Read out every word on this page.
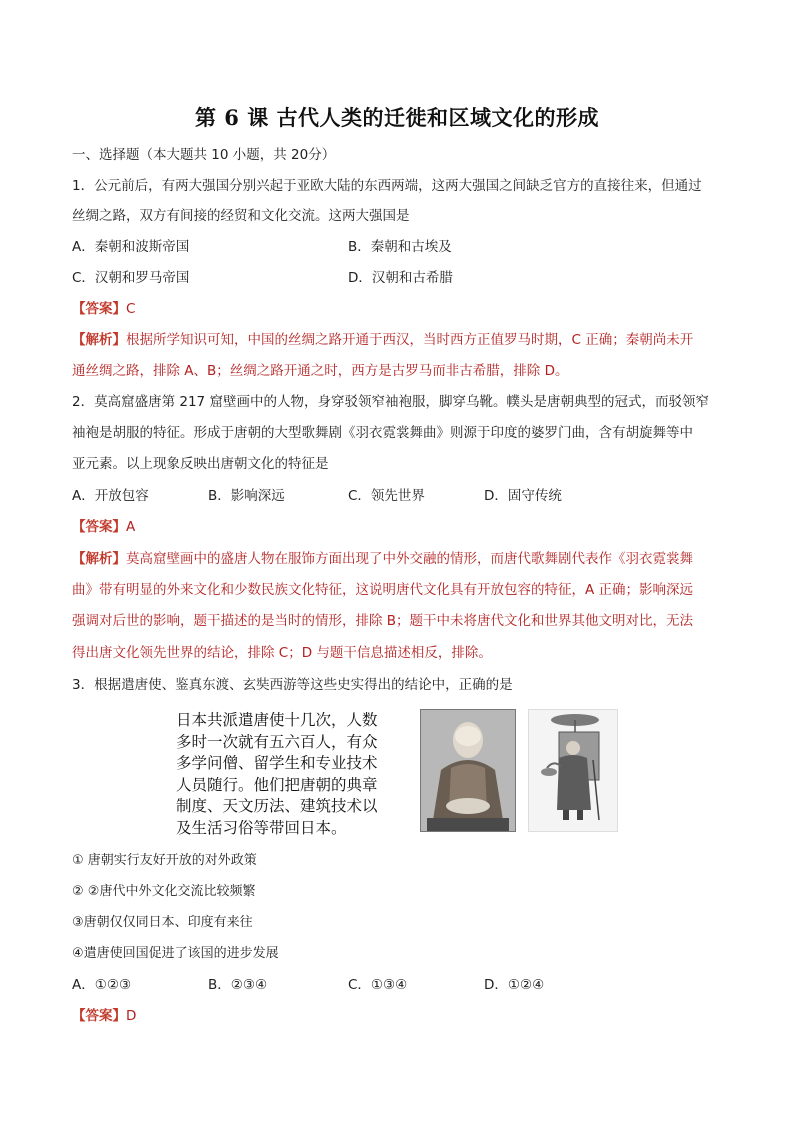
第 6 课 古代人类的迁徙和区域文化的形成
一、选择题（本大题共 10 小题，共 20分）
1．公元前后，有两大强国分别兴起于亚欧大陆的东西两端，这两大强国之间缺乏官方的直接往来，但通过
丝绸之路，双方有间接的经贸和文化交流。这两大强国是
A．秦朝和波斯帝国	B．秦朝和古埃及
C．汉朝和罗马帝国	D．汉朝和古希腊
【答案】C
【解析】根据所学知识可知，中国的丝绸之路开通于西汉，当时西方正值罗马时期，C 正确；秦朝尚未开
通丝绸之路，排除 A、B；丝绸之路开通之时，西方是古罗马而非古希腊，排除 D。
2．莫高窟盛唐第 217 窟壁画中的人物，身穿驳领窄袖袍服，脚穿乌靴。幞头是唐朝典型的冠式，而驳领窄
袖袍是胡服的特征。形成于唐朝的大型歌舞剧《羽衣霓裳舞曲》则源于印度的婆罗门曲，含有胡旋舞等中
亚元素。以上现象反映出唐朝文化的特征是
A．开放包容	B．影响深远	C．领先世界	D．固守传统
【答案】A
【解析】莫高窟壁画中的盛唐人物在服饰方面出现了中外交融的情形，而唐代歌舞剧代表作《羽衣霓裳舞
曲》带有明显的外来文化和少数民族文化特征，这说明唐代文化具有开放包容的特征，A 正确；影响深远
强调对后世的影响，题干描述的是当时的情形，排除 B；题干中未将唐代文化和世界其他文明对比，无法
得出唐文化领先世界的结论，排除 C；D 与题干信息描述相反，排除。
3．根据遣唐使、鉴真东渡、玄奘西游等这些史实得出的结论中，正确的是
日本共派遣唐使十几次，人数
多时一次就有五六百人，有众
多学问僧、留学生和专业技术
人员随行。他们把唐朝的典章
制度、天文历法、建筑技术以
及生活习俗等带回日本。
① 唐朝实行友好开放的对外政策
② ②唐代中外文化交流比较频繁
③唐朝仅仅同日本、印度有来往
④遣唐使回国促进了该国的进步发展
A．①②③	B．②③④	C．①③④	D．①②④
【答案】D
